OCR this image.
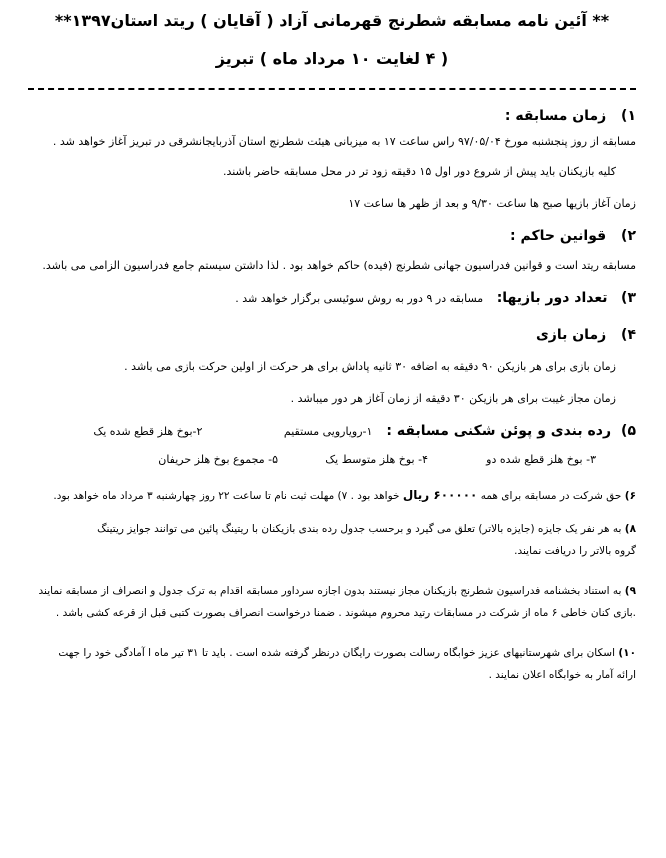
** آئین نامه مسابقه شطرنج قهرمانی آزاد ( آقایان ) ریتد استان۱۳۹۷**
( ۴ لغایت ۱۰ مرداد ماه ) تبریز
۱) زمان مسابقه :
مسابقه از روز پنجشنبه مورخ ۹۷/۰۵/۰۴ راس ساعت ۱۷ به میزبانی هیئت شطرنج استان آذربایجانشرقی در تبریز آغاز خواهد شد .
کلیه بازیکنان باید پیش از شروع دور اول ۱۵ دقیقه زود تر در محل مسابقه حاضر باشند.
زمان آغاز بازیها صبح ها ساعت ۹/۳۰ و بعد از ظهر ها ساعت ۱۷
۲) قوانین حاکم :
مسابقه ریتد است و قوانین فدراسیون جهانی شطرنج (فیده) حاکم خواهد بود . لذا داشتن سیستم جامع فدراسیون الزامی می باشد.
۳) تعداد دور بازیها: مسابقه در ۹ دور به روش سوئیسی برگزار خواهد شد .
۴) زمان بازی
زمان بازی برای هر بازیکن ۹۰ دقیقه به اضافه ۳۰ ثانیه پاداش برای هر حرکت از اولین حرکت بازی می باشد .
زمان مجاز غیبت برای هر بازیکن ۳۰ دقیقه از زمان آغاز هر دور میباشد .
۵)
رده بندی و پوئن شکنی مسابقه :
۱-رویارویی مستقیم
۲-بوخ هلز قطع شده یک
۳- بوخ هلز قطع شده دو
۴- بوخ هلز متوسط یک
۵- مجموع بوخ هلز حریفان
۶) حق شرکت در مسابقه برای همه ۶۰۰۰۰۰ ریال خواهد بود . ۷) مهلت ثبت نام تا ساعت ۲۲ روز چهارشنبه ۳ مرداد ماه خواهد بود.
۸) به هر نفر یک جایزه (جایزه بالاتر) تعلق می گیرد و برحسب جدول رده بندی بازیکنان با ریتینگ پائین می توانند جوایز ریتینگ
گروه بالاتر را دریافت نمایند.
۹) به استناد بخشنامه فدراسیون شطرنج بازیکنان مجاز نیستند بدون اجازه سرداور مسابقه اقدام به ترک جدول و انصراف از مسابقه نمایند
.بازی کنان خاطی ۶ ماه از شرکت در مسابقات رتید محروم میشوند . ضمنا درخواست انصراف بصورت کتبی قبل از قرعه کشی باشد .
۱۰) اسکان برای شهرستانیهای عزیز خوابگاه رسالت بصورت رایگان درنظر گرفته شده است . باید تا ۳۱ تیر ماه ا آمادگی خود را جهت
ارائه آمار به خوابگاه اعلان نمایند .
